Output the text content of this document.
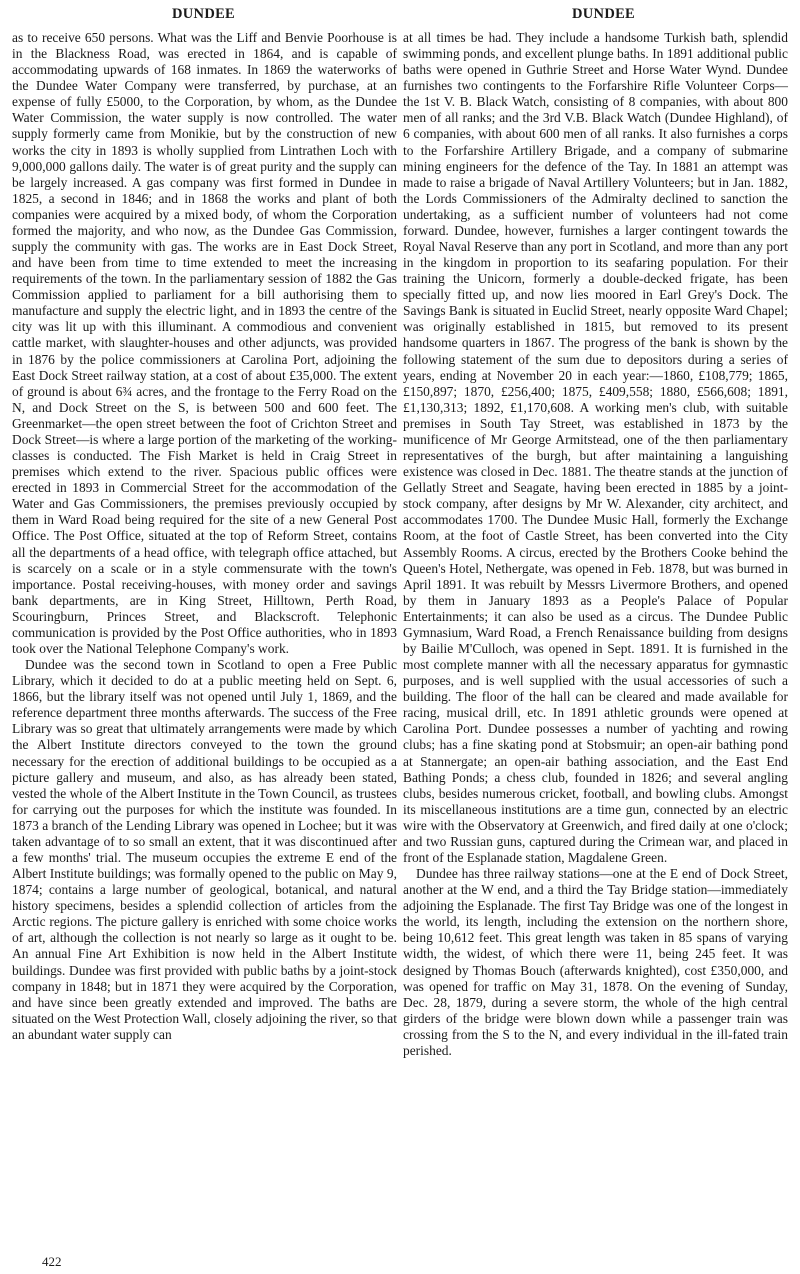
DUNDEE	DUNDEE

as to receive 650 persons. What was the Liff and Benvie Poorhouse is in the Blackness Road, was erected in 1864, and is capable of accommodating upwards of 168 inmates. In 1869 the waterworks of the Dundee Water Company were transferred, by purchase, at an expense of fully £5000, to the Corporation, by whom, as the Dundee Water Commission, the water supply is now controlled. The water supply formerly came from Monikie, but by the construction of new works the city in 1893 is wholly supplied from Lintrathen Loch with 9,000,000 gallons daily. The water is of great purity and the supply can be largely increased. A gas company was first formed in Dundee in 1825, a second in 1846; and in 1868 the works and plant of both companies were acquired by a mixed body, of whom the Corporation formed the majority, and who now, as the Dundee Gas Commission, supply the community with gas. The works are in East Dock Street, and have been from time to time extended to meet the increasing requirements of the town. In the parliamentary session of 1882 the Gas Commission applied to parliament for a bill authorising them to manufacture and supply the electric light, and in 1893 the centre of the city was lit up with this illuminant. A commodious and convenient cattle market, with slaughter-houses and other adjuncts, was provided in 1876 by the police commissioners at Carolina Port, adjoining the East Dock Street railway station, at a cost of about £35,000. The extent of ground is about 6¾ acres, and the frontage to the Ferry Road on the N, and Dock Street on the S, is between 500 and 600 feet. The Greenmarket—the open street between the foot of Crichton Street and Dock Street—is where a large portion of the marketing of the working-classes is conducted. The Fish Market is held in Craig Street in premises which extend to the river. Spacious public offices were erected in 1893 in Commercial Street for the accommodation of the Water and Gas Commissioners, the premises previously occupied by them in Ward Road being required for the site of a new General Post Office. The Post Office, situated at the top of Reform Street, contains all the departments of a head office, with telegraph office attached, but is scarcely on a scale or in a style commensurate with the town's importance. Postal receiving-houses, with money order and savings bank departments, are in King Street, Hilltown, Perth Road, Scouringburn, Princes Street, and Blackscroft. Telephonic communication is provided by the Post Office authorities, who in 1893 took over the National Telephone Company's work.

Dundee was the second town in Scotland to open a Free Public Library, which it decided to do at a public meeting held on Sept. 6, 1866, but the library itself was not opened until July 1, 1869, and the reference department three months afterwards. The success of the Free Library was so great that ultimately arrangements were made by which the Albert Institute directors conveyed to the town the ground necessary for the erection of additional buildings to be occupied as a picture gallery and museum, and also, as has already been stated, vested the whole of the Albert Institute in the Town Council, as trustees for carrying out the purposes for which the institute was founded. In 1873 a branch of the Lending Library was opened in Lochee; but it was taken advantage of to so small an extent, that it was discontinued after a few months' trial. The museum occupies the extreme E end of the Albert Institute buildings; was formally opened to the public on May 9, 1874; contains a large number of geological, botanical, and natural history specimens, besides a splendid collection of articles from the Arctic regions. The picture gallery is enriched with some choice works of art, although the collection is not nearly so large as it ought to be. An annual Fine Art Exhibition is now held in the Albert Institute buildings. Dundee was first provided with public baths by a joint-stock company in 1848; but in 1871 they were acquired by the Corporation, and have since been greatly extended and improved. The baths are situated on the West Protection Wall, closely adjoining the river, so that an abundant water supply can

at all times be had. They include a handsome Turkish bath, splendid swimming ponds, and excellent plunge baths. In 1891 additional public baths were opened in Guthrie Street and Horse Water Wynd. Dundee furnishes two contingents to the Forfarshire Rifle Volunteer Corps—the 1st V. B. Black Watch, consisting of 8 companies, with about 800 men of all ranks; and the 3rd V.B. Black Watch (Dundee Highland), of 6 companies, with about 600 men of all ranks. It also furnishes a corps to the Forfarshire Artillery Brigade, and a company of submarine mining engineers for the defence of the Tay. In 1881 an attempt was made to raise a brigade of Naval Artillery Volunteers; but in Jan. 1882, the Lords Commissioners of the Admiralty declined to sanction the undertaking, as a sufficient number of volunteers had not come forward. Dundee, however, furnishes a larger contingent towards the Royal Naval Reserve than any port in Scotland, and more than any port in the kingdom in proportion to its seafaring population. For their training the Unicorn, formerly a double-decked frigate, has been specially fitted up, and now lies moored in Earl Grey's Dock. The Savings Bank is situated in Euclid Street, nearly opposite Ward Chapel; was originally established in 1815, but removed to its present handsome quarters in 1867. The progress of the bank is shown by the following statement of the sum due to depositors during a series of years, ending at November 20 in each year:—1860, £108,779; 1865, £150,897; 1870, £256,400; 1875, £409,558; 1880, £566,608; 1891, £1,130,313; 1892, £1,170,608. A working men's club, with suitable premises in South Tay Street, was established in 1873 by the munificence of Mr George Armitstead, one of the then parliamentary representatives of the burgh, but after maintaining a languishing existence was closed in Dec. 1881. The theatre stands at the junction of Gellatly Street and Seagate, having been erected in 1885 by a joint-stock company, after designs by Mr W. Alexander, city architect, and accommodates 1700. The Dundee Music Hall, formerly the Exchange Room, at the foot of Castle Street, has been converted into the City Assembly Rooms. A circus, erected by the Brothers Cooke behind the Queen's Hotel, Nethergate, was opened in Feb. 1878, but was burned in April 1891. It was rebuilt by Messrs Livermore Brothers, and opened by them in January 1893 as a People's Palace of Popular Entertainments; it can also be used as a circus. The Dundee Public Gymnasium, Ward Road, a French Renaissance building from designs by Bailie M'Culloch, was opened in Sept. 1891. It is furnished in the most complete manner with all the necessary apparatus for gymnastic purposes, and is well supplied with the usual accessories of such a building. The floor of the hall can be cleared and made available for racing, musical drill, etc. In 1891 athletic grounds were opened at Carolina Port. Dundee possesses a number of yachting and rowing clubs; has a fine skating pond at Stobsmuir; an open-air bathing pond at Stannergate; an open-air bathing association, and the East End Bathing Ponds; a chess club, founded in 1826; and several angling clubs, besides numerous cricket, football, and bowling clubs. Amongst its miscellaneous institutions are a time gun, connected by an electric wire with the Observatory at Greenwich, and fired daily at one o'clock; and two Russian guns, captured during the Crimean war, and placed in front of the Esplanade station, Magdalene Green.

Dundee has three railway stations—one at the E end of Dock Street, another at the W end, and a third the Tay Bridge station—immediately adjoining the Esplanade. The first Tay Bridge was one of the longest in the world, its length, including the extension on the northern shore, being 10,612 feet. This great length was taken in 85 spans of varying width, the widest, of which there were 11, being 245 feet. It was designed by Thomas Bouch (afterwards knighted), cost £350,000, and was opened for traffic on May 31, 1878. On the evening of Sunday, Dec. 28, 1879, during a severe storm, the whole of the high central girders of the bridge were blown down while a passenger train was crossing from the S to the N, and every individual in the ill-fated train perished.

422
